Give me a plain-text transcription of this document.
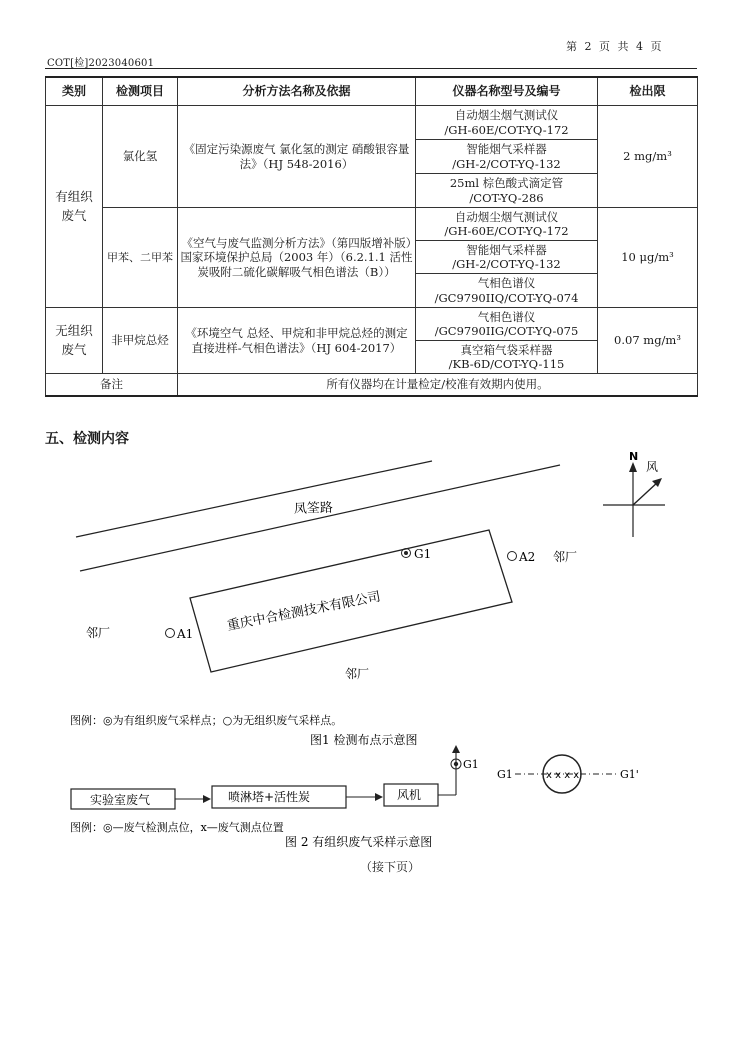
COT[检]2023040601
第 2 页 共 4 页
类别	检测项目	分析方法名称及依据	仪器名称型号及编号	检出限

有组织废气	氯化氢	《固定污染源废气 氯化氢的测定 硝酸银容量法》（HJ 548-2016）	自动烟尘烟气测试仪
/GH-60E/COT-YQ-172	2 mg/m³

			智能烟气采样器
/GH-2/COT-YQ-132	

			25ml 棕色酸式滴定管
/COT-YQ-286	

	甲苯、二甲苯	《空气与废气监测分析方法》（第四版增补版）国家环境保护总局（2003 年）（6.2.1.1 活性炭吸附二硫化碳解吸气相色谱法（B））	自动烟尘烟气测试仪
/GH-60E/COT-YQ-172	10 μg/m³

			智能烟气采样器
/GH-2/COT-YQ-132	

			气相色谱仪
/GC9790IIQ/COT-YQ-074	

无组织废气	非甲烷总烃	《环境空气 总烃、甲烷和非甲烷总烃的测定直接进样-气相色谱法》（HJ 604-2017）	气相色谱仪
/GC9790IIG/COT-YQ-075	0.07 mg/m³

			真空箱气袋采样器
/KB-6D/COT-YQ-115	

备注		所有仪器均在计量检定/校准有效期内使用。		
五、检测内容
凤筌路
重庆中合检测技术有限公司
G1	A2
A1
邻厂
邻厂
邻厂
N
风
图例：◎为有组织废气采样点；○为无组织废气采样点。
图1 检测布点示意图
实验室废气	喷淋塔+活性炭	风机
G1
G1	x x x x	G1'
图例：◎—废气检测点位，x—废气测点位置
图 2 有组织废气采样示意图
（接下页）
